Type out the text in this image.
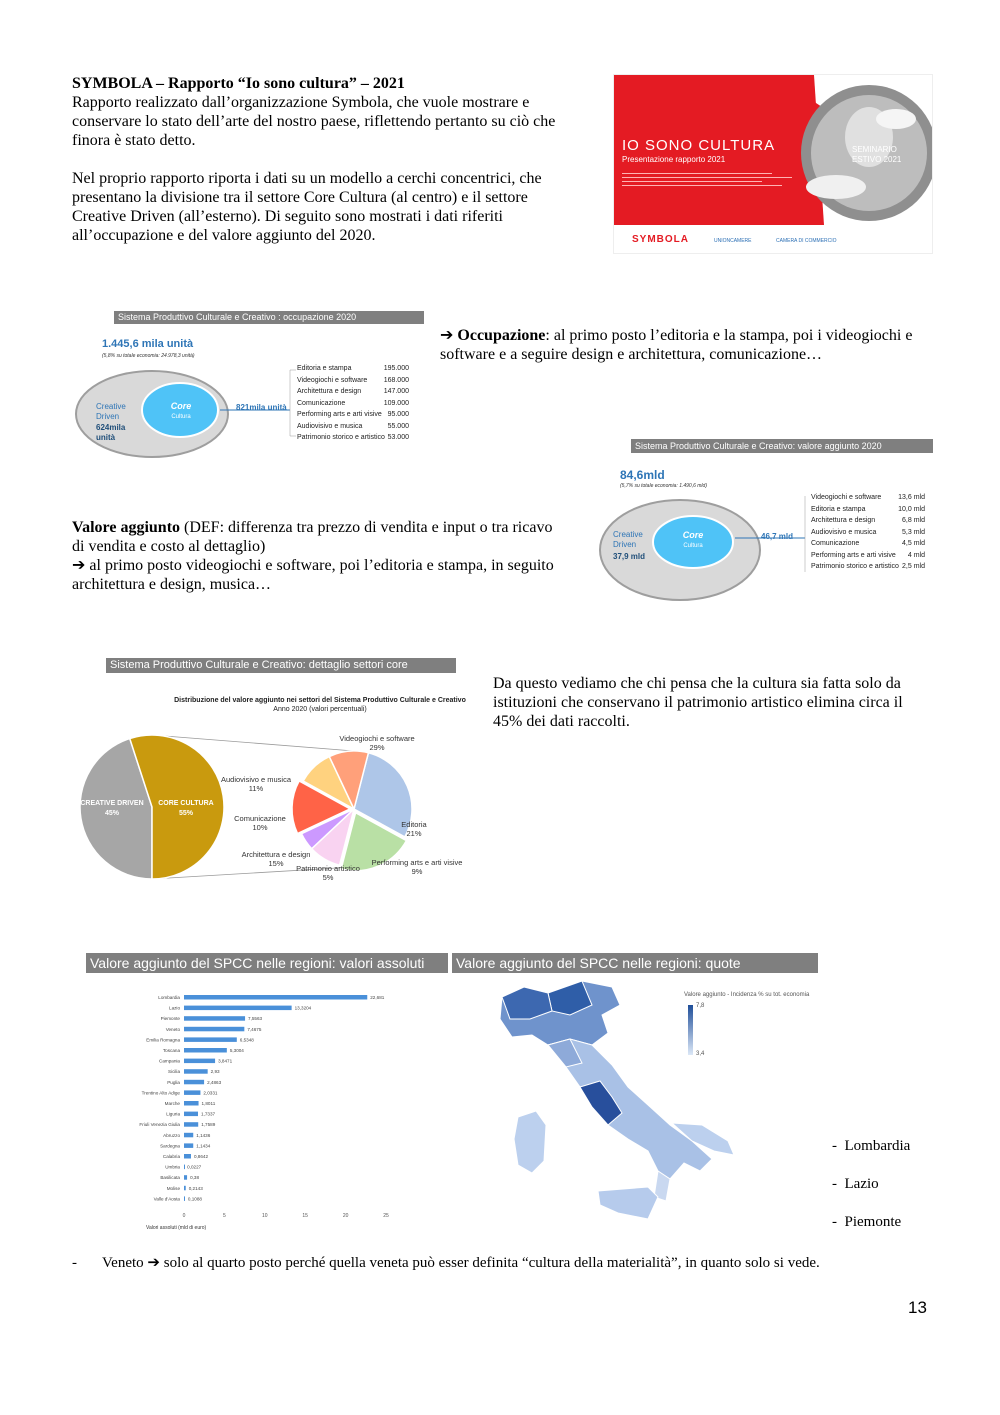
SYMBOLA – Rapporto “Io sono cultura” – 2021
Rapporto realizzato dall’organizzazione Symbola, che vuole mostrare e conservare lo stato dell’arte del nostro paese, riflettendo pertanto su ciò che finora è stato detto.
Nel proprio rapporto riporta i dati su un modello a cerchi concentrici, che presentano la divisione tra il settore Core Cultura (al centro) e il settore Creative Driven (all’esterno). Di seguito sono mostrati i dati riferiti all’occupazione e del valore aggiunto del 2020.
IO SONO CULTURA
Presentazione rapporto 2021
SEMINARIO ESTIVO 2021
SYMBOLA	UNIONCAMERE	CAMERA DI COMMERCIO
Sistema Produttivo Culturale e Creativo : occupazione 2020
1.445,6 mila unità
(5,8% su totale economia: 24.978,3 unità)
Creative Driven
624mila unità
Core
Cultura
821mila unità
Editoria e stampa	195.000
Videogiochi e software 168.000
Architettura e design	147.000
Comunicazione	109.000
Performing arts e arti visive 95.000
Audiovisivo e musica	55.000
Patrimonio storico e artistico 53.000
➔ Occupazione: al primo posto l’editoria e la stampa, poi i videogiochi e software e a seguire design e architettura, comunicazione…
Sistema Produttivo Culturale e Creativo: valore aggiunto 2020
84,6mld
(5,7% su totale economia: 1.490,6 mld)
Creative Driven
37,9 mld
Core
Cultura
46,7 mld
Videogiochi e software 13,6 mld
Editoria e stampa	10,0 mld
Architettura e design	6,8 mld
Audiovisivo e musica	5,3 mld
Comunicazione	4,5 mld
Performing arts e arti visive 4 mld
Patrimonio storico e artistico 2,5 mld
Valore aggiunto (DEF: differenza tra prezzo di vendita e input o tra ricavo di vendita e costo al dettaglio)
➔ al primo posto videogiochi e software, poi l’editoria e stampa, in seguito architettura e design, musica…
Sistema Produttivo Culturale e Creativo: dettaglio settori core
Distribuzione del valore aggiunto nei settori del Sistema Produttivo Culturale e Creativo
Anno 2020 (valori percentuali)
CREATIVE DRIVEN
45%
CORE CULTURA
55%
Videogiochi e software
29%
Editoria
21%
Performing arts e arti visive
9%
Patrimonio artistico
5%
Architettura e design
15%
Comunicazione
10%
Audiovisivo e musica
11%
Da questo vediamo che chi pensa che la cultura sia fatta solo da istituzioni che conservano il patrimonio artistico elimina circa il 45% dei dati raccolti.
Valore aggiunto del SPCC nelle regioni: valori assoluti
Lombardia	22,681
Lazio	13,3204
Piemonte	7,5563
Veneto	7,4675
Emilia Romagna	6,5348
Toscana	5,3004
Campania	3,8471
Sicilia	2,93
Puglia	2,4863
Trentino Alto Adige	2,0331
Marche	1,8011
Liguria	1,7337
Friuli Venezia Giulia	1,7589
Abruzzo	1,1436
Sardegna	1,1434
Calabria	0,8642
Umbria 0,0227
Basilicata 0,38
Molise 0,2143
Valle d'Aosta 0,1088
0	5	10	15	20	25
Valori assoluti (mld di euro)
Valore aggiunto del SPCC nelle regioni: quote
Valore aggiunto - Incidenza % su tot. economia
7,8
3,4
-  Lombardia
-  Lazio
-  Piemonte
- Veneto ➔ solo al quarto posto perché quella veneta può esser definita “cultura della materialità”, in quanto solo si vede.
13
